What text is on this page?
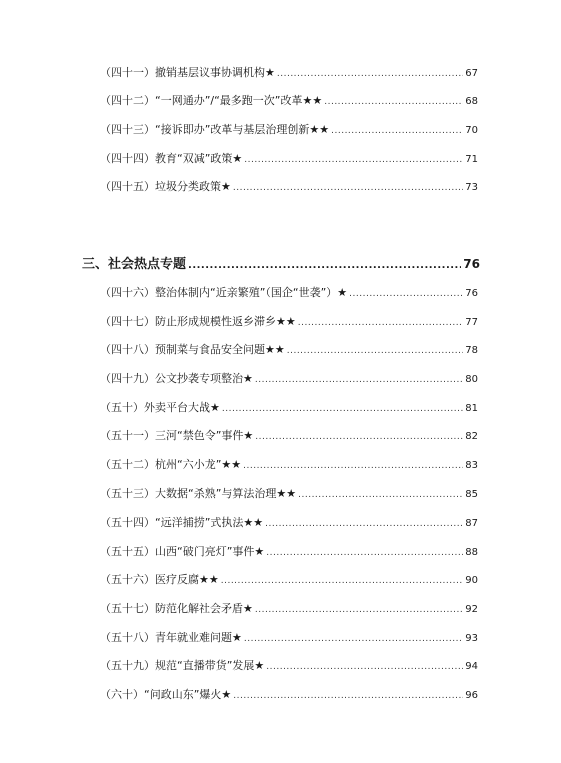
（四十一）撤销基层议事协调机构★ .....	67
（四十二）“一网通办”/“最多跑一次”改革★★ .....	68
（四十三）“接诉即办”改革与基层治理创新★★ .....	70
（四十四）教育“双减”政策★ .....	71
（四十五）垃圾分类政策★ .....	73
三、社会热点专题 .....	76
（四十六）整治体制内“近亲繁殖”（国企“世袭”）★ .....	76
（四十七）防止形成规模性返乡滞乡★★ .....	77
（四十八）预制菜与食品安全问题★★ .....	78
（四十九）公文抄袭专项整治★ .....	80
（五十）外卖平台大战★ .....	81
（五十一）三河“禁色令”事件★ .....	82
（五十二）杭州“六小龙”★★ .....	83
（五十三）大数据“杀熟”与算法治理★★ .....	85
（五十四）“远洋捕捞”式执法★★ .....	87
（五十五）山西“破门亮灯”事件★ .....	88
（五十六）医疗反腐★★ .....	90
（五十七）防范化解社会矛盾★ .....	92
（五十八）青年就业难问题★ .....	93
（五十九）规范“直播带货”发展★ .....	94
（六十）“问政山东”爆火★ .....	96
